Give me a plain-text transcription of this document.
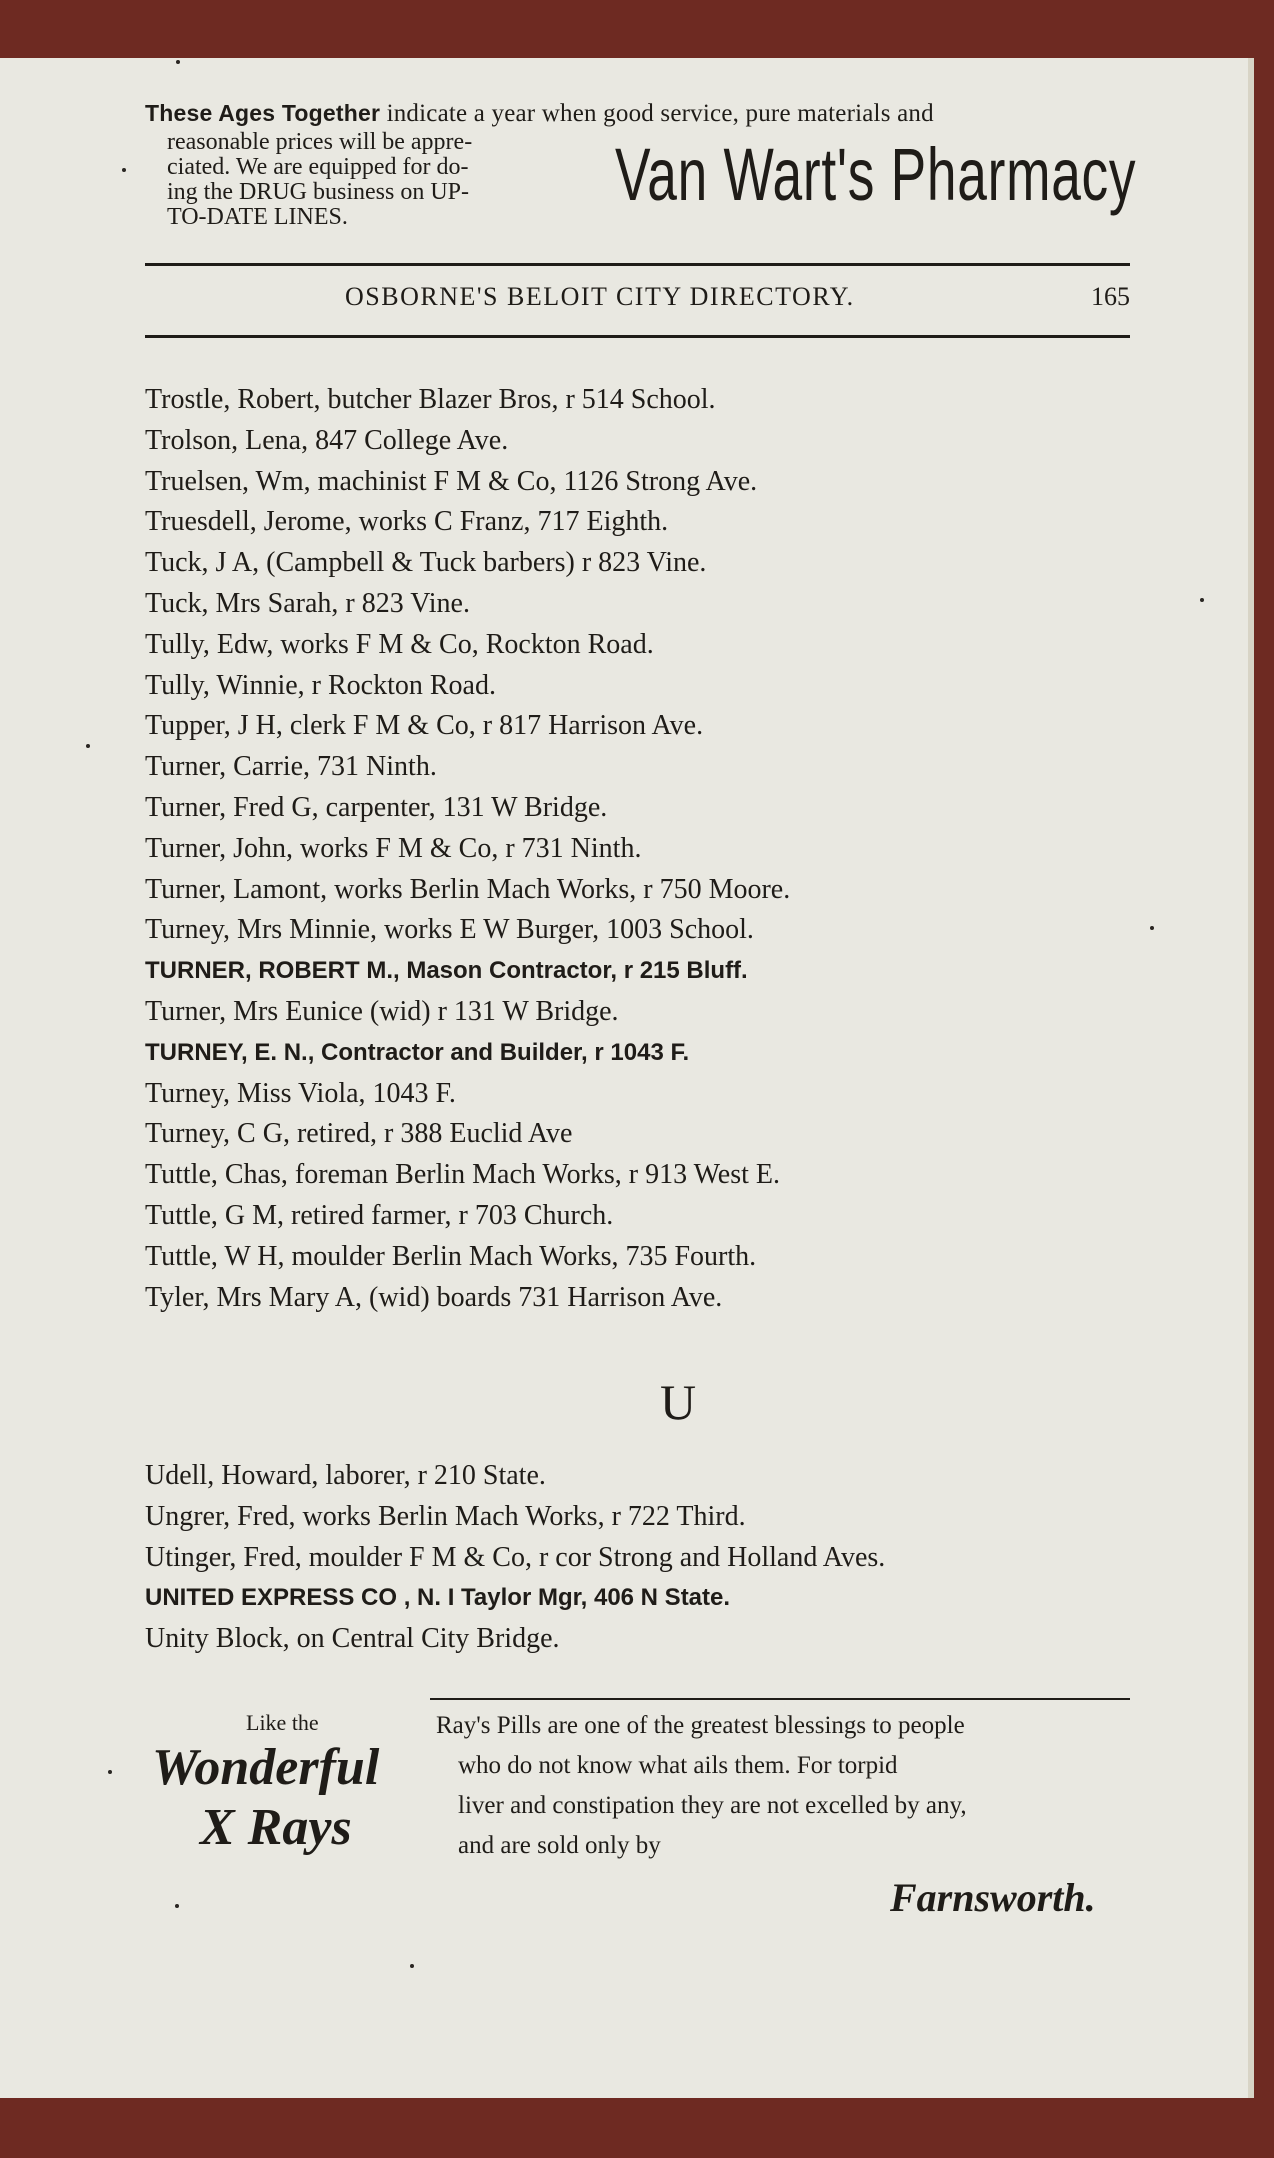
These Ages Together indicate a year when good service, pure materials and
reasonable prices will be appre-
ciated. We are equipped for do-
ing the DRUG business on UP-
TO-DATE LINES.
Van Wart's Pharmacy
OSBORNE'S BELOIT CITY DIRECTORY.	165
Trostle, Robert, butcher Blazer Bros, r 514 School.
Trolson, Lena, 847 College Ave.
Truelsen, Wm, machinist F M & Co, 1126 Strong Ave.
Truesdell, Jerome, works C Franz, 717 Eighth.
Tuck, J A, (Campbell & Tuck barbers) r 823 Vine.
Tuck, Mrs Sarah, r 823 Vine.
Tully, Edw, works F M & Co, Rockton Road.
Tully, Winnie, r Rockton Road.
Tupper, J H, clerk F M & Co, r 817 Harrison Ave.
Turner, Carrie, 731 Ninth.
Turner, Fred G, carpenter, 131 W Bridge.
Turner, John, works F M & Co, r 731 Ninth.
Turner, Lamont, works Berlin Mach Works, r 750 Moore.
Turney, Mrs Minnie, works E W Burger, 1003 School.
TURNER, ROBERT M., Mason Contractor, r 215 Bluff.
Turner, Mrs Eunice (wid) r 131 W Bridge.
TURNEY, E. N., Contractor and Builder, r 1043 F.
Turney, Miss Viola, 1043 F.
Turney, C G, retired, r 388 Euclid Ave
Tuttle, Chas, foreman Berlin Mach Works, r 913 West E.
Tuttle, G M, retired farmer, r 703 Church.
Tuttle, W H, moulder Berlin Mach Works, 735 Fourth.
Tyler, Mrs Mary A, (wid) boards 731 Harrison Ave.
U
Udell, Howard, laborer, r 210 State.
Ungrer, Fred, works Berlin Mach Works, r 722 Third.
Utinger, Fred, moulder F M & Co, r cor Strong and Holland Aves.
UNITED EXPRESS CO , N. I Taylor Mgr, 406 N State.
Unity Block, on Central City Bridge.
Like the
Wonderful
X Rays
Ray's Pills are one of the greatest blessings to people
who do not know what ails them. For torpid
liver and constipation they are not excelled by any,
and are sold only by
Farnsworth.
